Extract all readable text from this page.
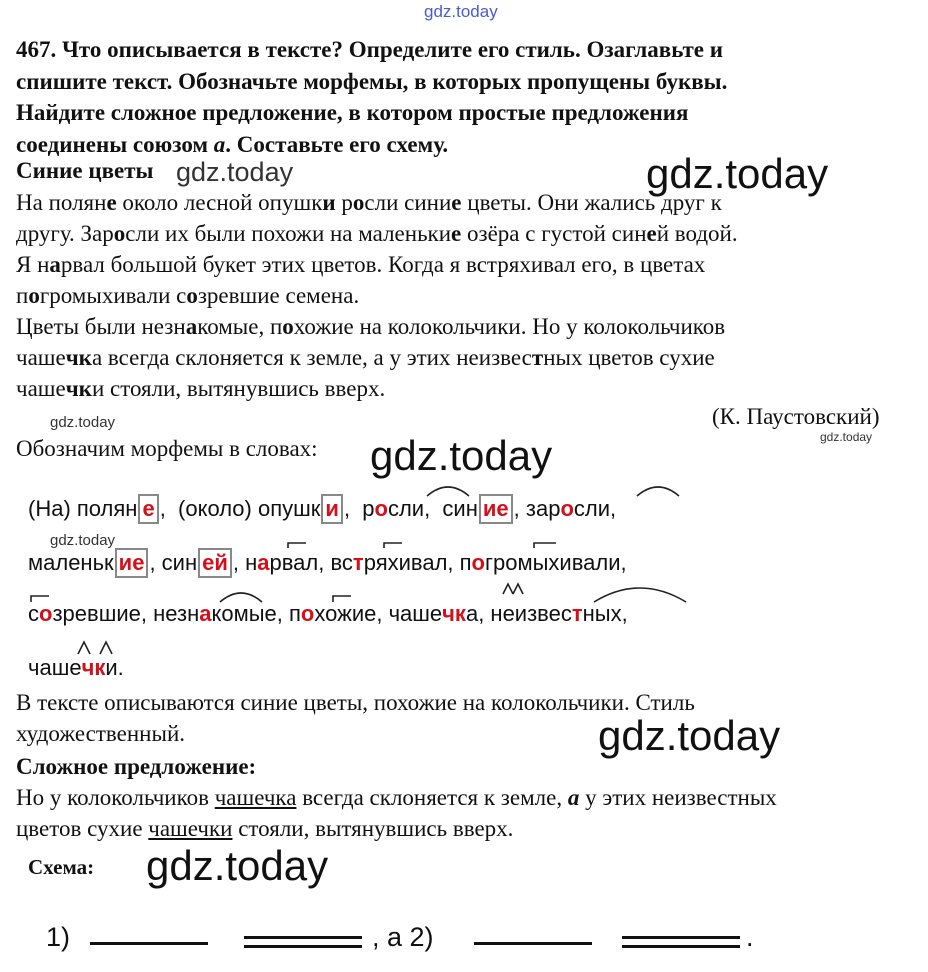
gdz.today
467. Что описывается в тексте? Определите его стиль. Озаглавьте и
спишите текст. Обозначьте морфемы, в которых пропущены буквы.
Найдите сложное предложение, в котором простые предложения
соединены союзом а. Составьте его схему.
Синие цветы gdz.today	gdz.today
На поляне около лесной опушки росли синие цветы. Они жались друг к
другу. Заросли их были похожи на маленькие озёра с густой синей водой.
Я нарвал большой букет этих цветов. Когда я встряхивал его, в цветах
погромыхивали созревшие семена.
Цветы были незнакомые, похожие на колокольчики. Но у колокольчиков
чашечка всегда склоняется к земле, а у этих неизвестных цветов сухие
чашечки стояли, вытянувшись вверх.
gdz.today	(К. Паустовский)
gdz.today
Обозначим морфемы в словах: gdz.today
(На) полян е ,  (около) опушк и ,  росли,  син ие , заросли,
gdz.today
маленьк ие , син ей , нарвал, встряхивал, погромыхивали,
созревшие, незнакомые, похожие, чашечка, неизвестных,
чашечки.
В тексте описываются синие цветы, похожие на колокольчики. Стиль
художественный.	gdz.today
Сложное предложение:
Но у колокольчиков чашечка всегда склоняется к земле, а у этих неизвестных
цветов сухие чашечки стояли, вытянувшись вверх.
Схема: gdz.today
1)	, а 2)	.
